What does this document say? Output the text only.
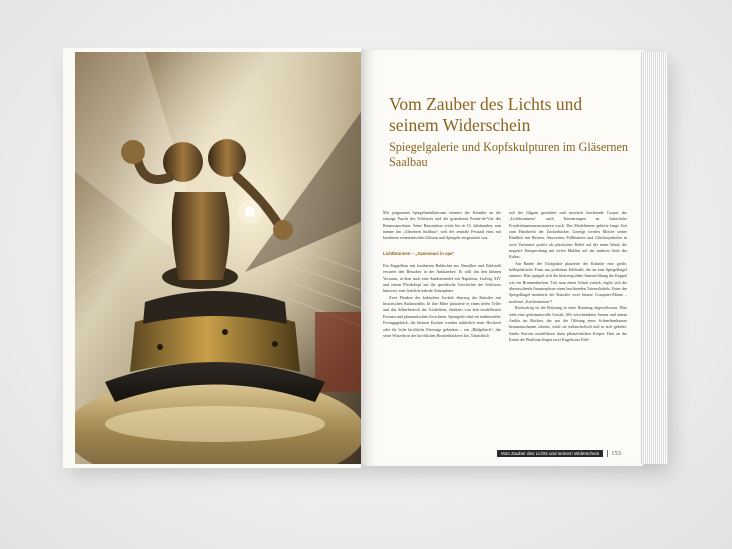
Vom Zauber des Lichts und seinem Widerschein
Spiegelgalerie und Kopfskulpturen im Gläsernen Saalbau

Mit prägnanten Spiegelinstallationen erinnert der Künstler an die einstige Pracht des Schlosses und die grandiosen Pointe-de-Vue des Renaissancebaus. Seine Baustruktur reicht bis in 13. Jahrhundert, nun nannte ihn „Gläsernen Saalbau“, weil der zentrale Festsaal einst mit kostbaren venezianischen Gläsern und Spiegeln ausgestattet war.

Lichtbrunnen – „Sanssouci in spe“

Ein Kuppelbau mit kostbarem Baldachin aus Neusilber und Edelstahl erwartet den Besucher in der Antikambre. Er rollt ihn den kleinen Vorraum, in dem auch eine Sandsteintafel mit Napoleon, Ludwig XIV und einem Pferdekopf auf die spezifische Geschichte des Schlosses hinweist, eine feierlich-nakede Atmosphäre.

Zwei Flanken des kubischen Sockels überzog der Künstler mit historischen Backmodeln. In ihre Mitte platzierte er einen tiefen Teller und das Silberbesteck der Großeltern, flankiert von fein modellierten Formen und phantastischen Gesichtern. Springerle sind ein traditionelles Festtagsgebäck, die kleinen Kuchen wurden anlässlich einer Hochzeit oder für hohe kirchliche Feiertage gebacken – ein „Bildgebäck“, das seine Wurzeln in der kirchlichen Hostienbäckerei hat. Tatsächlich

ruft der filigran gestaltete und mystisch leuchtende Corpus des „Lichtbrunnens“ auch Erinnerungen an historische Fronleichnamsmonstranzen wach. Das Modelinnere gehörte lange Zeit zum Handwerk der Zuckerbäcker. Gezeigt werden Motive seiner Kindheit mit Reitern, Amoretten, Füllhörnern und Glückssymbolen in zwei Varianten: positiv als plastisches Relief auf der einen Wand, die negative Entsprechung mit tiefen Mulden auf der anderen Seite des Kubus.

Am Rande der Tischplatte platzierte der Künstler eine große, halbsphärische Form aus poliertem Edelstahl, die an eine Spiegelkugel erinnert. Hier spiegelt sich die blattvergoldete Innenwölbung der Kuppel wie ein Brunnenbecken. Tritt man einen Schritt zurück, ergibt sich die überraschende Anamorphose eines leuchtenden Totenschädels. Unter der Spiegelkugel montierte der Künstler zwei bizarre Computer-Mäuse – moderne „Kirchenmäuse“!

Rückwärtig ist die Brüstung in einer Rundung abgeschlossen. Hier steht eine geheimnisvolle Gestalt. Mit verschränkten Armen und einem Antlitz im Rücken, das aus der Öffnung eines Schneckenhauses herauszuschauen scheint, wirkt sie melancholisch und in sich gekehrt. Sanfte Kurven modellieren ihren pflanzenhaften Körper. Hart an der Kante der Plattform liegen zwei Kugeln aus Edel-

Vom Zauber des Lichts und seinem Widerschein	153
